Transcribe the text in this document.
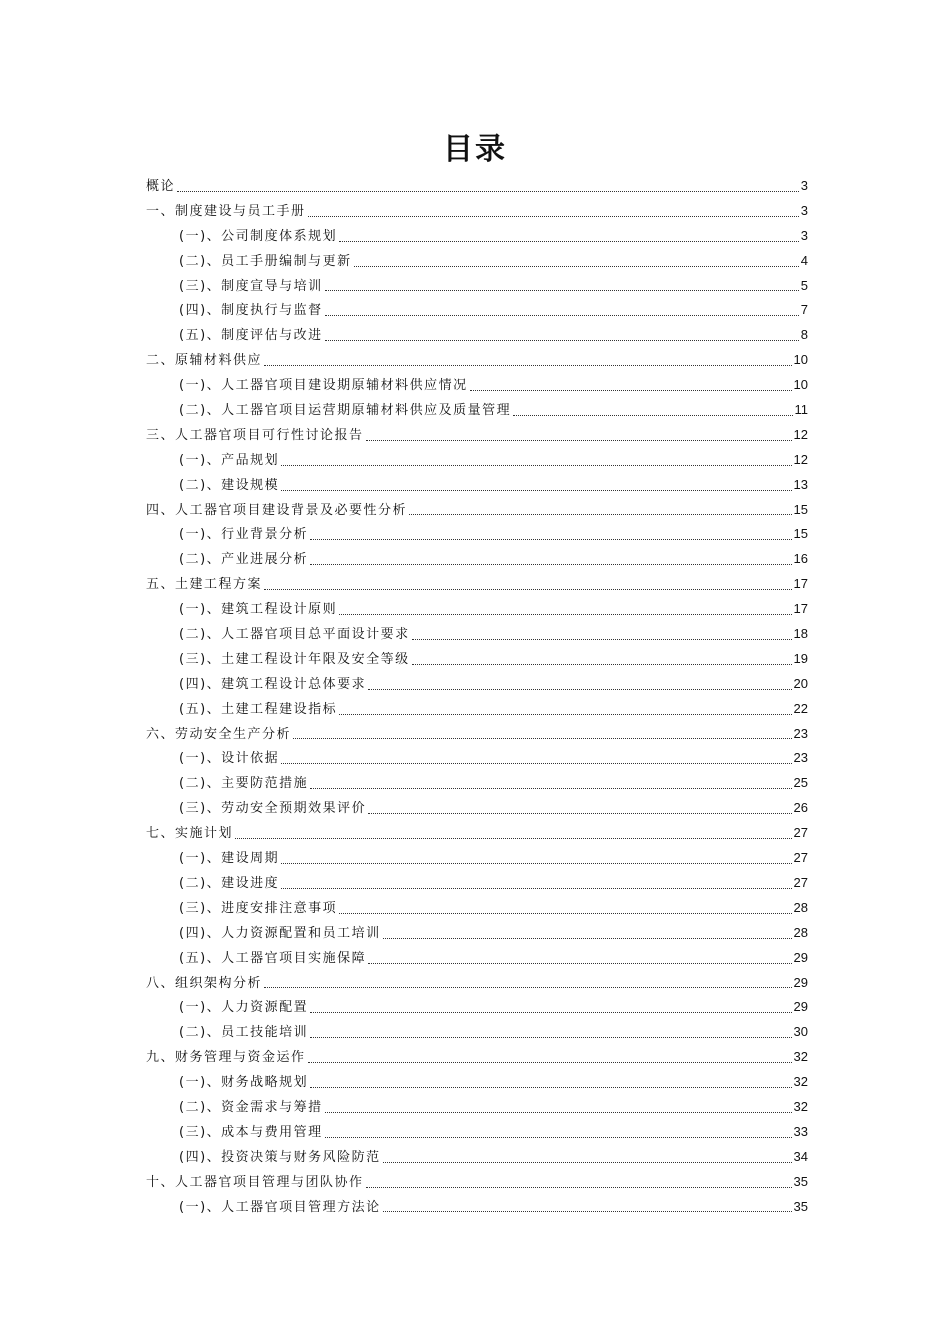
目录
概论	3
一、制度建设与员工手册	3
(一)、公司制度体系规划	3
(二)、员工手册编制与更新	4
(三)、制度宣导与培训	5
(四)、制度执行与监督	7
(五)、制度评估与改进	8
二、原辅材料供应	10
(一)、人工器官项目建设期原辅材料供应情况	10
(二)、人工器官项目运营期原辅材料供应及质量管理	11
三、人工器官项目可行性讨论报告	12
(一)、产品规划	12
(二)、建设规模	13
四、人工器官项目建设背景及必要性分析	15
(一)、行业背景分析	15
(二)、产业进展分析	16
五、土建工程方案	17
(一)、建筑工程设计原则	17
(二)、人工器官项目总平面设计要求	18
(三)、土建工程设计年限及安全等级	19
(四)、建筑工程设计总体要求	20
(五)、土建工程建设指标	22
六、劳动安全生产分析	23
(一)、设计依据	23
(二)、主要防范措施	25
(三)、劳动安全预期效果评价	26
七、实施计划	27
(一)、建设周期	27
(二)、建设进度	27
(三)、进度安排注意事项	28
(四)、人力资源配置和员工培训	28
(五)、人工器官项目实施保障	29
八、组织架构分析	29
(一)、人力资源配置	29
(二)、员工技能培训	30
九、财务管理与资金运作	32
(一)、财务战略规划	32
(二)、资金需求与筹措	32
(三)、成本与费用管理	33
(四)、投资决策与财务风险防范	34
十、人工器官项目管理与团队协作	35
(一)、人工器官项目管理方法论	35
